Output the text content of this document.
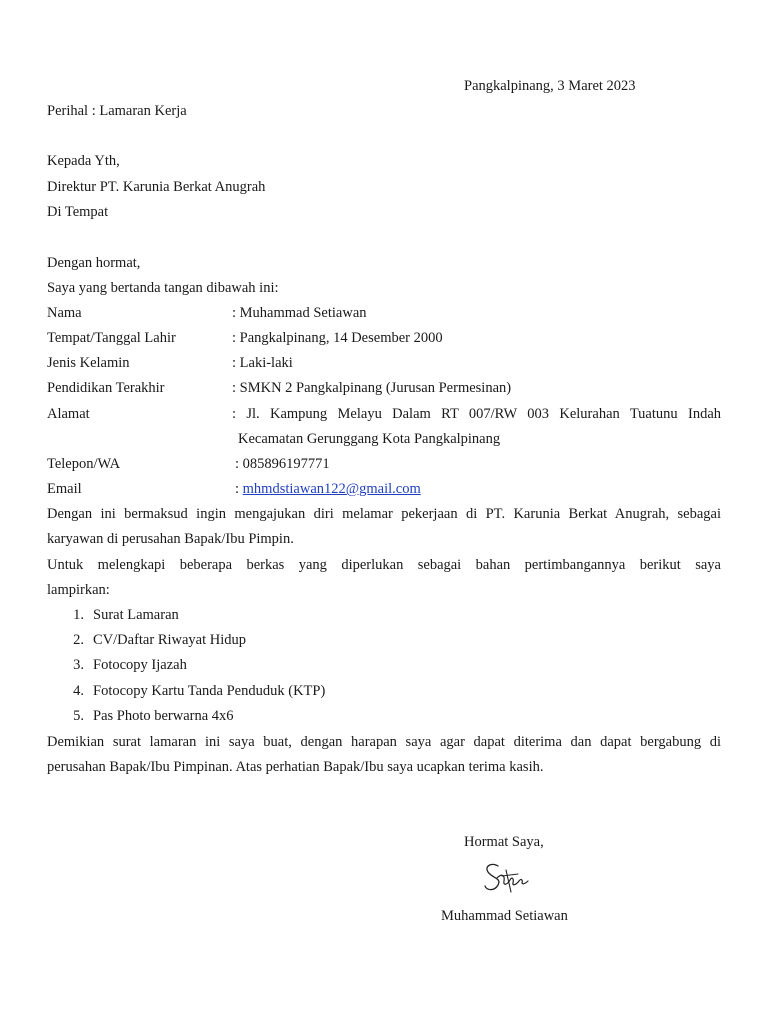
Pangkalpinang, 3 Maret 2023
Perihal : Lamaran Kerja
Kepada Yth,
Direktur PT. Karunia Berkat Anugrah
Di Tempat
Dengan hormat,
Saya yang bertanda tangan dibawah ini:
Nama	: Muhammad Setiawan
Tempat/Tanggal Lahir	: Pangkalpinang, 14 Desember 2000
Jenis Kelamin	: Laki-laki
Pendidikan Terakhir	: SMKN 2 Pangkalpinang (Jurusan Permesinan)
Alamat	: Jl. Kampung Melayu Dalam RT 007/RW 003 Kelurahan Tuatunu Indah
Kecamatan Gerunggang Kota Pangkalpinang
Telepon/WA	: 085896197771
Email	: mhmdstiawan122@gmail.com
Dengan ini bermaksud ingin mengajukan diri melamar pekerjaan di PT. Karunia Berkat Anugrah, sebagai
karyawan di perusahan Bapak/Ibu Pimpin.
Untuk melengkapi beberapa berkas yang diperlukan sebagai bahan pertimbangannya berikut saya
lampirkan:
1. Surat Lamaran
2. CV/Daftar Riwayat Hidup
3. Fotocopy Ijazah
4. Fotocopy Kartu Tanda Penduduk (KTP)
5. Pas Photo berwarna 4x6
Demikian surat lamaran ini saya buat, dengan harapan saya agar dapat diterima dan dapat bergabung di
perusahan Bapak/Ibu Pimpinan. Atas perhatian Bapak/Ibu saya ucapkan terima kasih.
Hormat Saya,
Muhammad Setiawan
